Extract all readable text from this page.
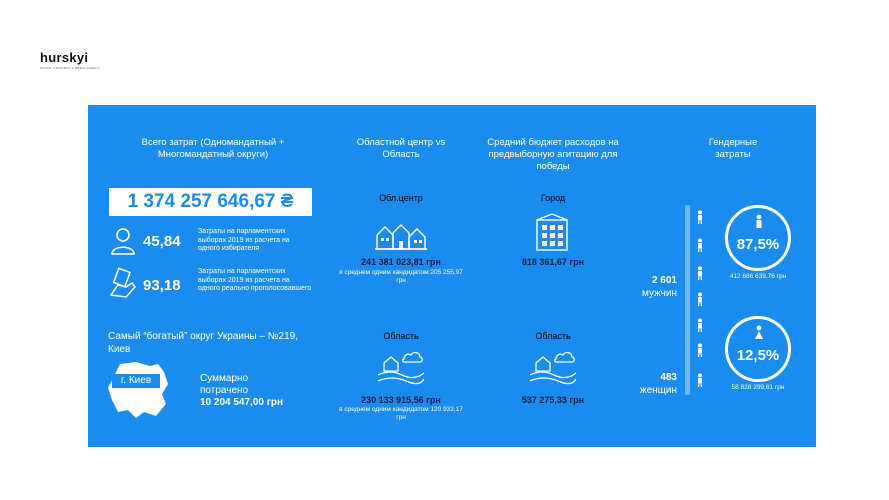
hurskyi
SOCIAL STRATEGY & MEDIA AGENCY
Всего затрат (Одномандатный + Многомандатный округи)
1 374 257 646,67 ₴
45,84
Затраты на парламентских выборах 2019 из расчета на одного избирателя
93,18
Затраты на парламентских выборах 2019 из расчета на одного реально проголосовавшего
Самый “богатый” округ Украины – №219, Киев
г. Киев	Суммарно потрачено
10 204 547,00 грн
Областной центр vs Область
Обл.центр
241 381 023,81 грн
в среднем одним кандидатом 205 255,97 грн
Область
230 133 915,56 грн
в среднем одним кандидатом 120 932,17 грн
Средний бюджет расходов на предвыборную агитацию для победы
Город
818 361,67 грн
Область
537 275,33 грн
Гендерные затраты
2 601
мужчин
483
женщин
87,5%
412 686 639,76 грн
12,5%
58 828 299,61 грн
